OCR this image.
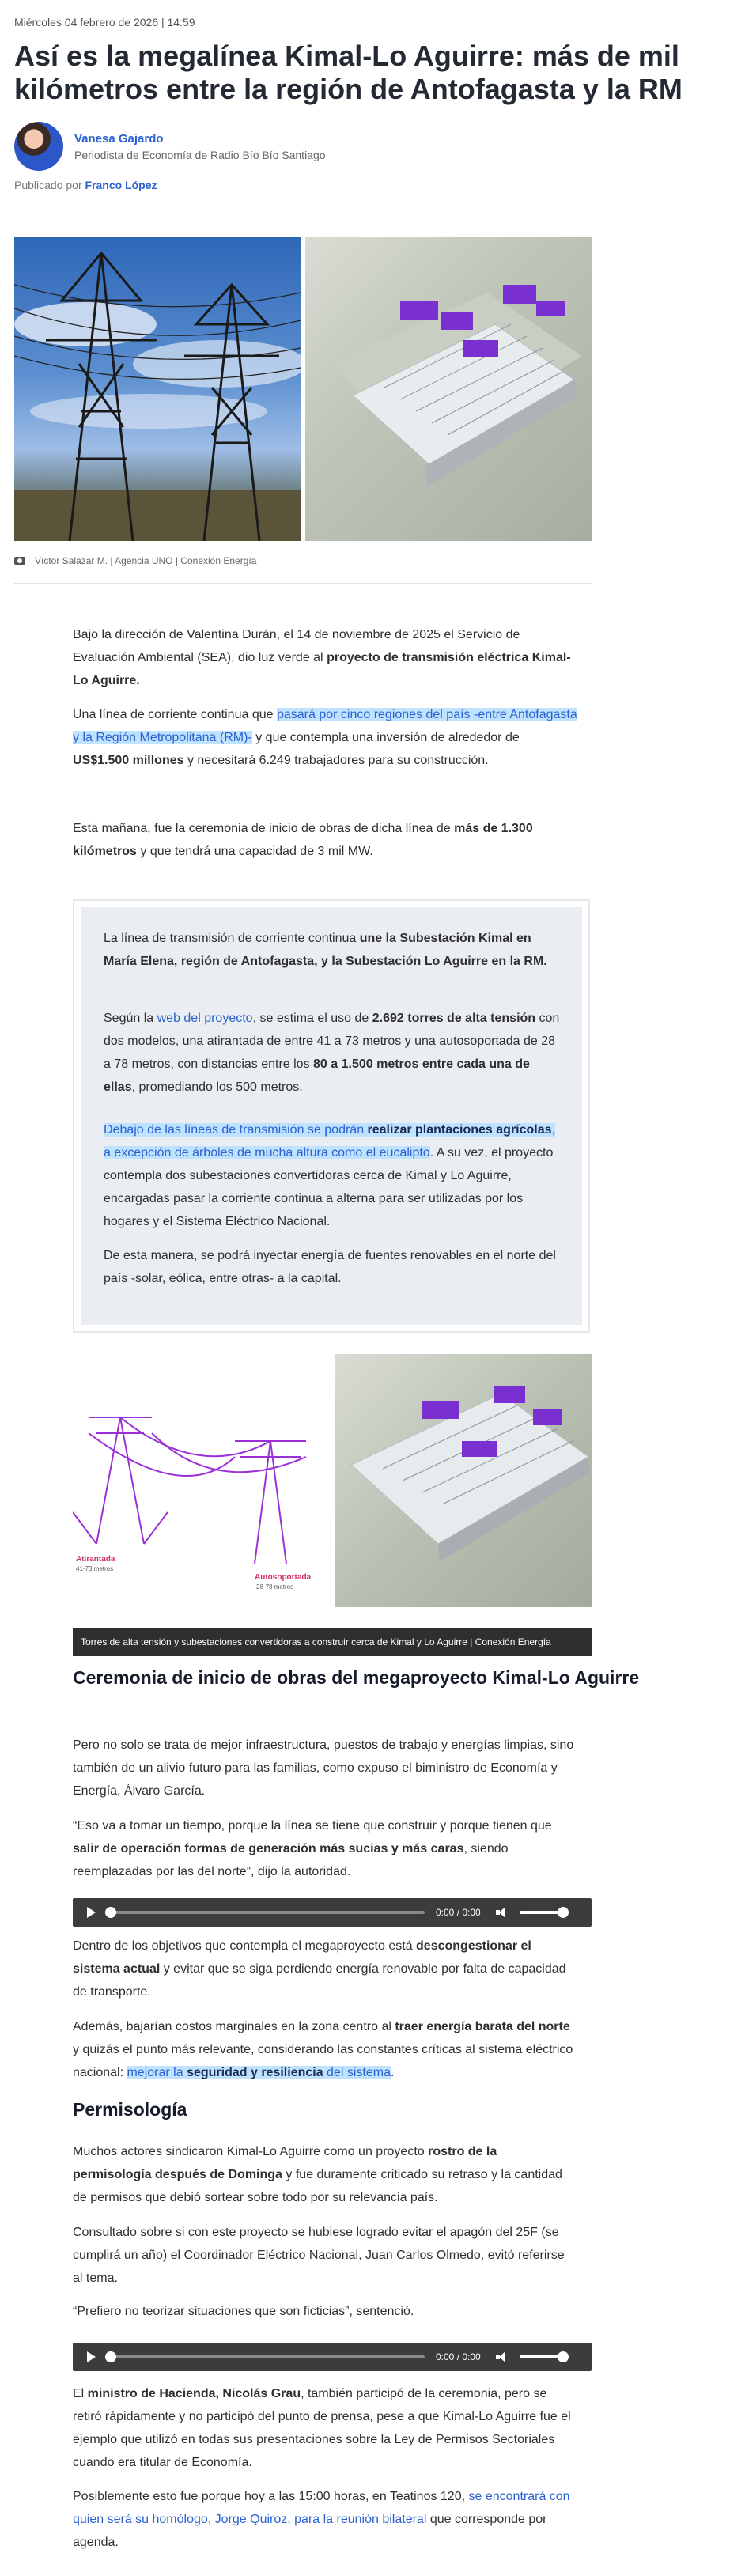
Miércoles 04 febrero de 2026 | 14:59
Así es la megalínea Kimal-Lo Aguirre: más de mil kilómetros entre la región de Antofagasta y la RM
Vanesa Gajardo
Periodista de Economía de Radio Bío Bío Santiago
Publicado por Franco López
Víctor Salazar M. | Agencia UNO | Conexión Energía

Bajo la dirección de Valentina Durán, el 14 de noviembre de 2025 el Servicio de Evaluación Ambiental (SEA), dio luz verde al proyecto de transmisión eléctrica Kimal-Lo Aguirre.

Una línea de corriente continua que pasará por cinco regiones del país -entre Antofagasta y la Región Metropolitana (RM)- y que contempla una inversión de alrededor de US$1.500 millones y necesitará 6.249 trabajadores para su construcción.

Esta mañana, fue la ceremonia de inicio de obras de dicha línea de más de 1.300 kilómetros y que tendrá una capacidad de 3 mil MW.

La línea de transmisión de corriente continua une la Subestación Kimal en María Elena, región de Antofagasta, y la Subestación Lo Aguirre en la RM.

Según la web del proyecto, se estima el uso de 2.692 torres de alta tensión con dos modelos, una atirantada de entre 41 a 73 metros y una autosoportada de 28 a 78 metros, con distancias entre los 80 a 1.500 metros entre cada una de ellas, promediando los 500 metros.

Debajo de las líneas de transmisión se podrán realizar plantaciones agrícolas, a excepción de árboles de mucha altura como el eucalipto. A su vez, el proyecto contempla dos subestaciones convertidoras cerca de Kimal y Lo Aguirre, encargadas pasar la corriente continua a alterna para ser utilizadas por los hogares y el Sistema Eléctrico Nacional.

De esta manera, se podrá inyectar energía de fuentes renovables en el norte del país -solar, eólica, entre otras- a la capital.

Atirantada
41-73 metros
Autosoportada
28-78 metros
Torres de alta tensión y subestaciones convertidoras a construir cerca de Kimal y Lo Aguirre | Conexión Energía
Ceremonia de inicio de obras del megaproyecto Kimal-Lo Aguirre

Pero no solo se trata de mejor infraestructura, puestos de trabajo y energías limpias, sino también de un alivio futuro para las familias, como expuso el biministro de Economía y Energía, Álvaro García.

“Eso va a tomar un tiempo, porque la línea se tiene que construir y porque tienen que salir de operación formas de generación más sucias y más caras, siendo reemplazadas por las del norte”, dijo la autoridad.

0:00 / 0:00

Dentro de los objetivos que contempla el megaproyecto está descongestionar el sistema actual y evitar que se siga perdiendo energía renovable por falta de capacidad de transporte.

Además, bajarían costos marginales en la zona centro al traer energía barata del norte y quizás el punto más relevante, considerando las constantes críticas al sistema eléctrico nacional: mejorar la seguridad y resiliencia del sistema.

Permisología

Muchos actores sindicaron Kimal-Lo Aguirre como un proyecto rostro de la permisología después de Dominga y fue duramente criticado su retraso y la cantidad de permisos que debió sortear sobre todo por su relevancia país.

Consultado sobre si con este proyecto se hubiese logrado evitar el apagón del 25F (se cumplirá un año) el Coordinador Eléctrico Nacional, Juan Carlos Olmedo, evitó referirse al tema.

“Prefiero no teorizar situaciones que son ficticias”, sentenció.

0:00 / 0:00

El ministro de Hacienda, Nicolás Grau, también participó de la ceremonia, pero se retiró rápidamente y no participó del punto de prensa, pese a que Kimal-Lo Aguirre fue el ejemplo que utilizó en todas sus presentaciones sobre la Ley de Permisos Sectoriales cuando era titular de Economía.

Posiblemente esto fue porque hoy a las 15:00 horas, en Teatinos 120, se encontrará con quien será su homólogo, Jorge Quiroz, para la reunión bilateral que corresponde por agenda.
